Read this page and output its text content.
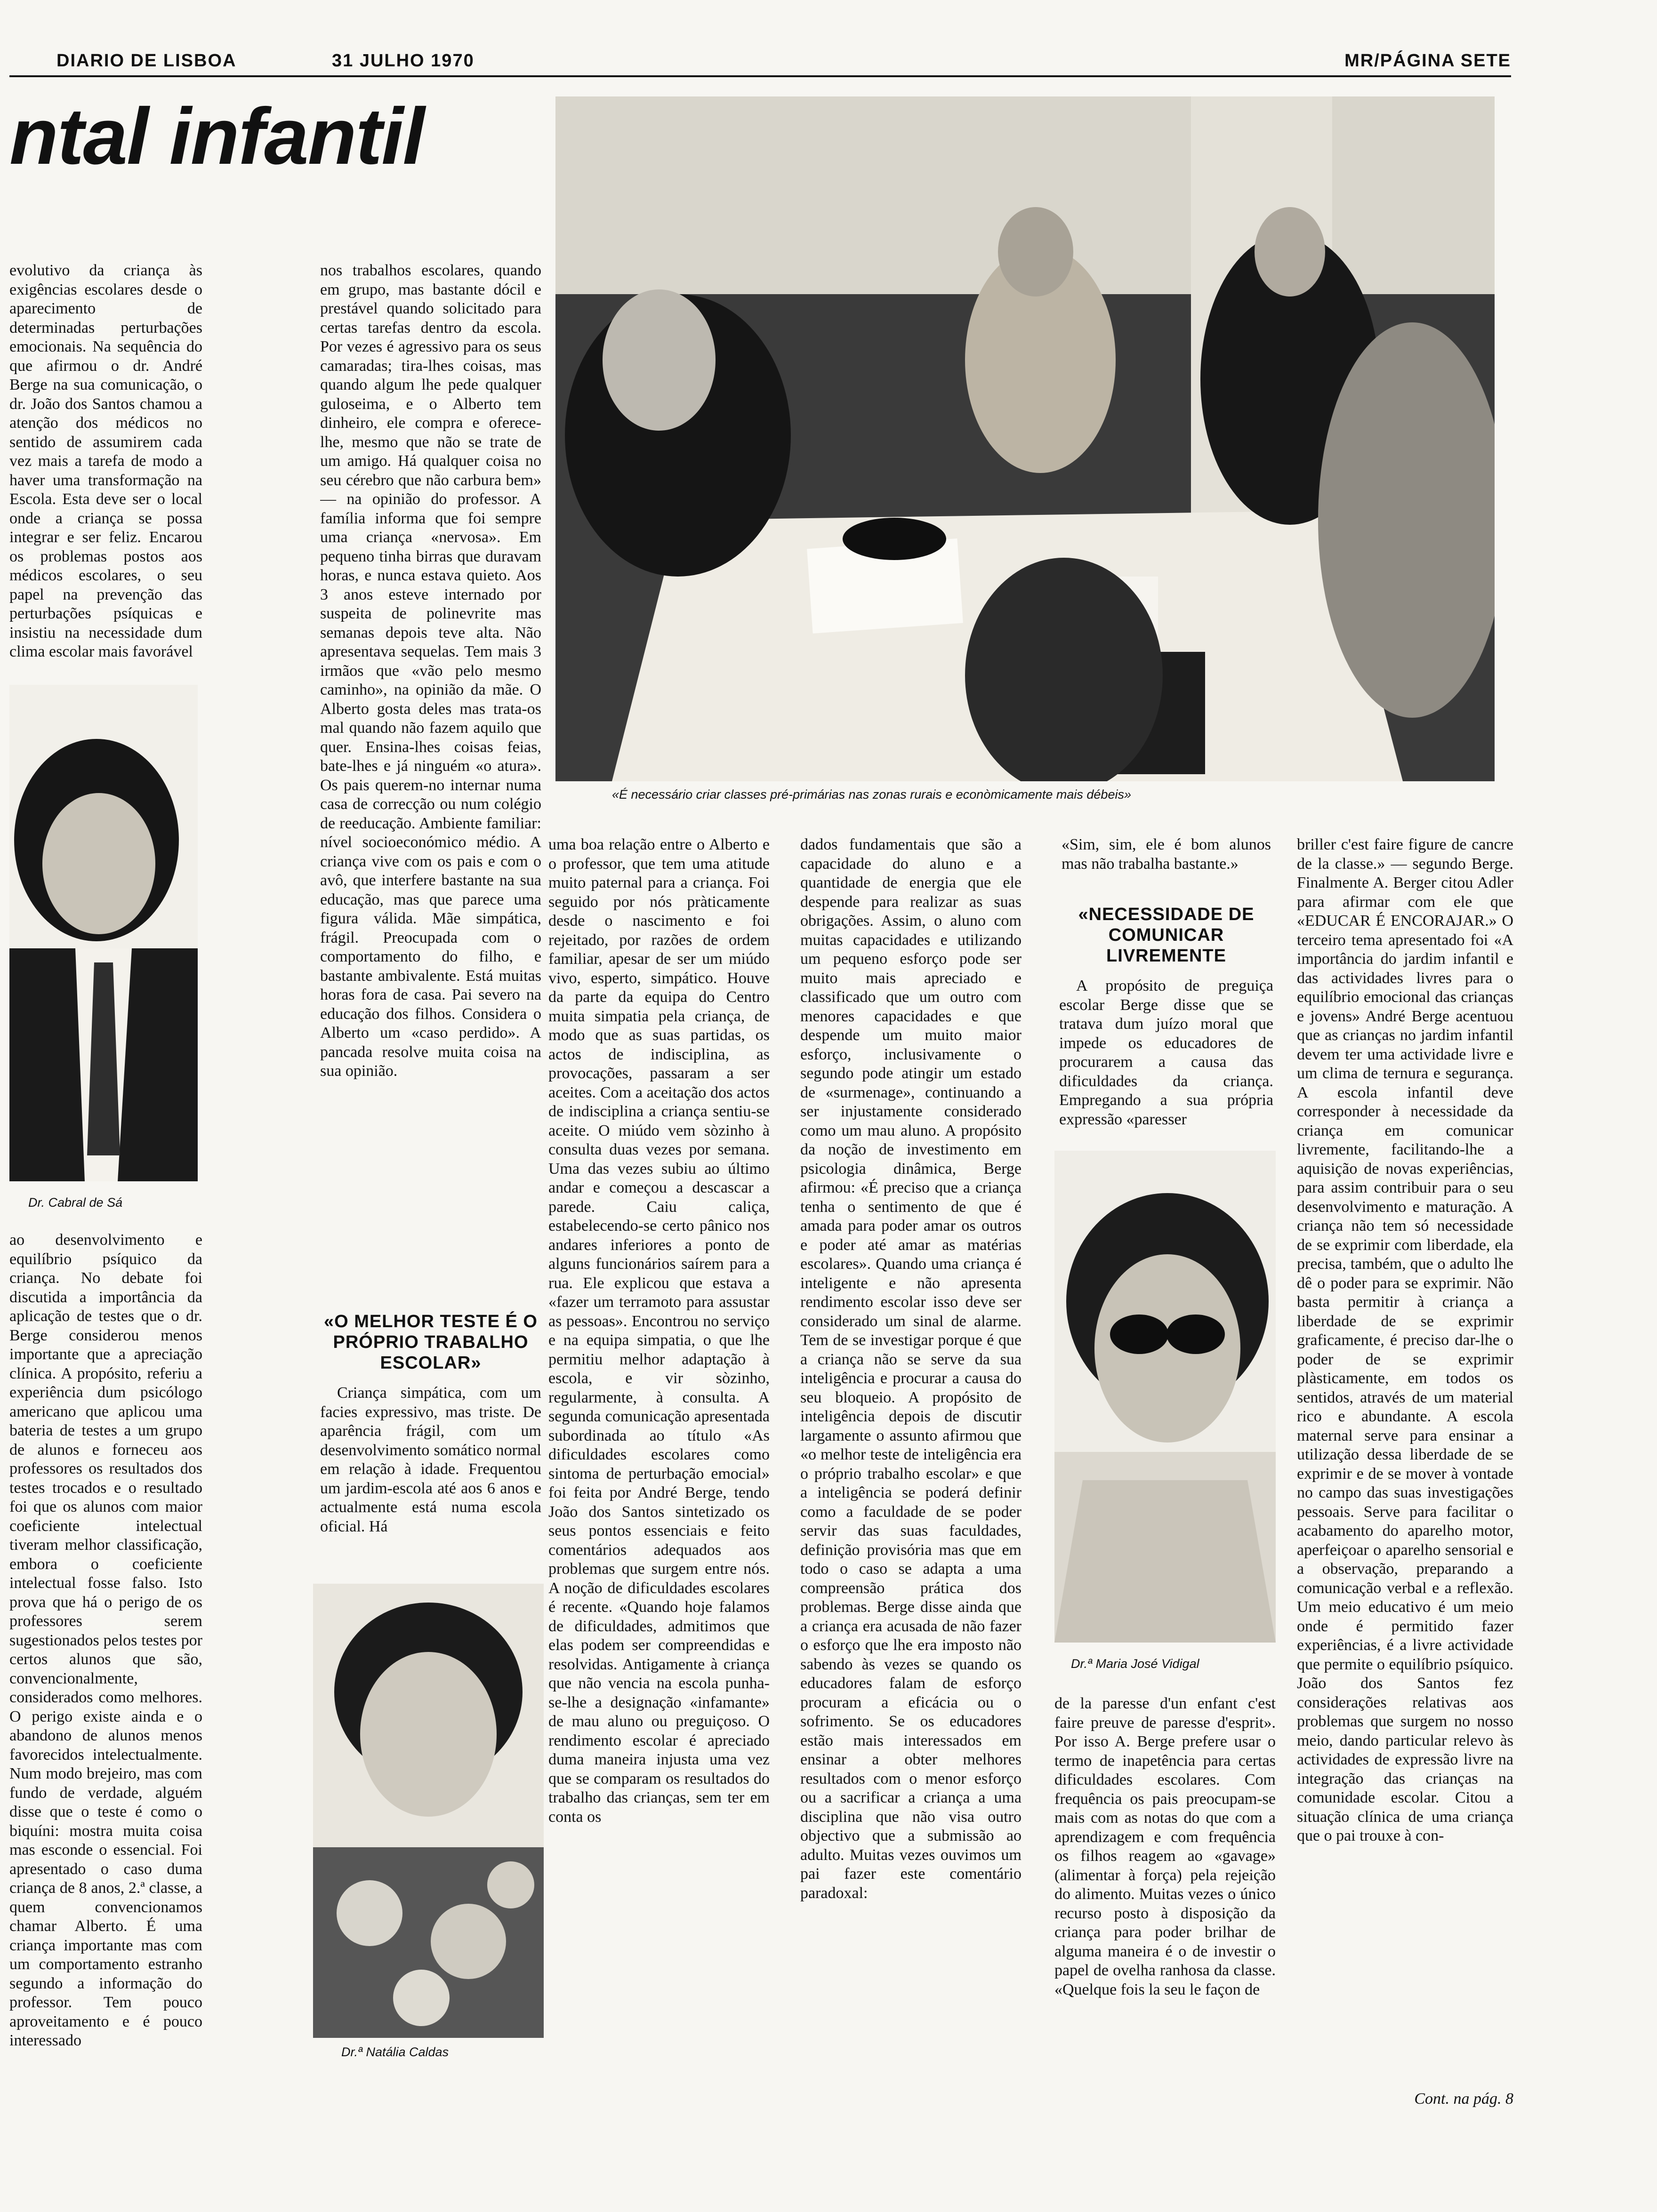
DIARIO DE LISBOA	31 JULHO 1970	MR/PÁGINA SETE
ntal infantil
«É necessário criar classes pré-primárias nas zonas rurais e econòmicamente mais débeis»

evolutivo da criança às exigências escolares desde o aparecimento de determinadas perturbações emocionais. Na sequência do que afirmou o dr. André Berge na sua comunicação, o dr. João dos Santos chamou a atenção dos médicos no sentido de assumirem cada vez mais a tarefa de modo a haver uma transformação na Escola. Esta deve ser o local onde a criança se possa integrar e ser feliz. Encarou os problemas postos aos médicos escolares, o seu papel na prevenção das perturbações psíquicas e insistiu na necessidade dum clima escolar mais favorável

Dr. Cabral de Sá

ao desenvolvimento e equilíbrio psíquico da criança. No debate foi discutida a importância da aplicação de testes que o dr. Berge considerou menos importante que a apreciação clínica. A propósito, referiu a experiência dum psicólogo americano que aplicou uma bateria de testes a um grupo de alunos e forneceu aos professores os resultados dos testes trocados e o resultado foi que os alunos com maior coeficiente intelectual tiveram melhor classificação, embora o coeficiente intelectual fosse falso. Isto prova que há o perigo de os professores serem sugestionados pelos testes por certos alunos que são, convencionalmente, considerados como melhores. O perigo existe ainda e o abandono de alunos menos favorecidos intelectualmente. Num modo brejeiro, mas com fundo de verdade, alguém disse que o teste é como o biquíni: mostra muita coisa mas esconde o essencial. Foi apresentado o caso duma criança de 8 anos, 2.ª classe, a quem convencionamos chamar Alberto. É uma criança importante mas com um comportamento estranho segundo a informação do professor. Tem pouco aproveitamento e é pouco interessado

nos trabalhos escolares, quando em grupo, mas bastante dócil e prestável quando solicitado para certas tarefas dentro da escola. Por vezes é agressivo para os seus camaradas; tira-lhes coisas, mas quando algum lhe pede qualquer guloseima, e o Alberto tem dinheiro, ele compra e oferece-lhe, mesmo que não se trate de um amigo. Há qualquer coisa no seu cérebro que não carbura bem» — na opinião do professor. A família informa que foi sempre uma criança «nervosa». Em pequeno tinha birras que duravam horas, e nunca estava quieto. Aos 3 anos esteve internado por suspeita de polinevrite mas semanas depois teve alta. Não apresentava sequelas. Tem mais 3 irmãos que «vão pelo mesmo caminho», na opinião da mãe. O Alberto gosta deles mas trata-os mal quando não fazem aquilo que quer. Ensina-lhes coisas feias, bate-lhes e já ninguém «o atura». Os pais querem-no internar numa casa de correcção ou num colégio de reeducação. Ambiente familiar: nível socioeconómico médio. A criança vive com os pais e com o avô, que interfere bastante na sua educação, mas que parece uma figura válida. Mãe simpática, frágil. Preocupada com o comportamento do filho, e bastante ambivalente. Está muitas horas fora de casa. Pai severo na educação dos filhos. Considera o Alberto um «caso perdido». A pancada resolve muita coisa na sua opinião.

«O MELHOR TESTE É O PRÓPRIO TRABALHO ESCOLAR»

Criança simpática, com um facies expressivo, mas triste. De aparência frágil, com um desenvolvimento somático normal em relação à idade. Frequentou um jardim-escola até aos 6 anos e actualmente está numa escola oficial. Há

Dr.ª Natália Caldas

uma boa relação entre o Alberto e o professor, que tem uma atitude muito paternal para a criança. Foi seguido por nós pràticamente desde o nascimento e foi rejeitado, por razões de ordem familiar, apesar de ser um miúdo vivo, esperto, simpático. Houve da parte da equipa do Centro muita simpatia pela criança, de modo que as suas partidas, os actos de indisciplina, as provocações, passaram a ser aceites. Com a aceitação dos actos de indisciplina a criança sentiu-se aceite. O miúdo vem sòzinho à consulta duas vezes por semana. Uma das vezes subiu ao último andar e começou a descascar a parede. Caiu caliça, estabelecendo-se certo pânico nos andares inferiores a ponto de alguns funcionários saírem para a rua. Ele explicou que estava a «fazer um terramoto para assustar as pessoas». Encontrou no serviço e na equipa simpatia, o que lhe permitiu melhor adaptação à escola, e vir sòzinho, regularmente, à consulta. A segunda comunicação apresentada subordinada ao título «As dificuldades escolares como sintoma de perturbação emocial» foi feita por André Berge, tendo João dos Santos sintetizado os seus pontos essenciais e feito comentários adequados aos problemas que surgem entre nós. A noção de dificuldades escolares é recente. «Quando hoje falamos de dificuldades, admitimos que elas podem ser compreendidas e resolvidas. Antigamente à criança que não vencia na escola punha-se-lhe a designação «infamante» de mau aluno ou preguiçoso. O rendimento escolar é apreciado duma maneira injusta uma vez que se comparam os resultados do trabalho das crianças, sem ter em conta os

dados fundamentais que são a capacidade do aluno e a quantidade de energia que ele despende para realizar as suas obrigações. Assim, o aluno com muitas capacidades e utilizando um pequeno esforço pode ser muito mais apreciado e classificado que um outro com menores capacidades e que despende um muito maior esforço, inclusivamente o segundo pode atingir um estado de «surmenage», continuando a ser injustamente considerado como um mau aluno. A propósito da noção de investimento em psicologia dinâmica, Berge afirmou: «É preciso que a criança tenha o sentimento de que é amada para poder amar os outros e poder até amar as matérias escolares». Quando uma criança é inteligente e não apresenta rendimento escolar isso deve ser considerado um sinal de alarme. Tem de se investigar porque é que a criança não se serve da sua inteligência e procurar a causa do seu bloqueio. A propósito de inteligência depois de discutir largamente o assunto afirmou que «o melhor teste de inteligência era o próprio trabalho escolar» e que a inteligência se poderá definir como a faculdade de se poder servir das suas faculdades, definição provisória mas que em todo o caso se adapta a uma compreensão prática dos problemas. Berge disse ainda que a criança era acusada de não fazer o esforço que lhe era imposto não sabendo às vezes se quando os educadores falam de esforço procuram a eficácia ou o sofrimento. Se os educadores estão mais interessados em ensinar a obter melhores resultados com o menor esforço ou a sacrificar a criança a uma disciplina que não visa outro objectivo que a submissão ao adulto. Muitas vezes ouvimos um pai fazer este comentário paradoxal:

«Sim, sim, ele é bom alunos mas não trabalha bastante.»

«NECESSIDADE DE COMUNICAR LIVREMENTE

A propósito de preguiça escolar Berge disse que se tratava dum juízo moral que impede os educadores de procurarem a causa das dificuldades da criança. Empregando a sua própria expressão «paresser

Dr.ª Maria José Vidigal

de la paresse d'un enfant c'est faire preuve de paresse d'esprit». Por isso A. Berge prefere usar o termo de inapetência para certas dificuldades escolares. Com frequência os pais preocupam-se mais com as notas do que com a aprendizagem e com frequência os filhos reagem ao «gavage» (alimentar à força) pela rejeição do alimento. Muitas vezes o único recurso posto à disposição da criança para poder brilhar de alguma maneira é o de investir o papel de ovelha ranhosa da classe. «Quelque fois la seu le façon de

briller c'est faire figure de cancre de la classe.» — segundo Berge. Finalmente A. Berger citou Adler para afirmar com ele que «EDUCAR É ENCORAJAR.» O terceiro tema apresentado foi «A importância do jardim infantil e das actividades livres para o equilíbrio emocional das crianças e jovens» André Berge acentuou que as crianças no jardim infantil devem ter uma actividade livre e um clima de ternura e segurança. A escola infantil deve corresponder à necessidade da criança em comunicar livremente, facilitando-lhe a aquisição de novas experiências, para assim contribuir para o seu desenvolvimento e maturação. A criança não tem só necessidade de se exprimir com liberdade, ela precisa, também, que o adulto lhe dê o poder para se exprimir. Não basta permitir à criança a liberdade de se exprimir graficamente, é preciso dar-lhe o poder de se exprimir plàsticamente, em todos os sentidos, através de um material rico e abundante. A escola maternal serve para ensinar a utilização dessa liberdade de se exprimir e de se mover à vontade no campo das suas investigações pessoais. Serve para facilitar o acabamento do aparelho motor, aperfeiçoar o aparelho sensorial e a observação, preparando a comunicação verbal e a reflexão. Um meio educativo é um meio onde é permitido fazer experiências, é a livre actividade que permite o equilíbrio psíquico. João dos Santos fez considerações relativas aos problemas que surgem no nosso meio, dando particular relevo às actividades de expressão livre na integração das crianças na comunidade escolar. Citou a situação clínica de uma criança que o pai trouxe à con-

Cont. na pág. 8
